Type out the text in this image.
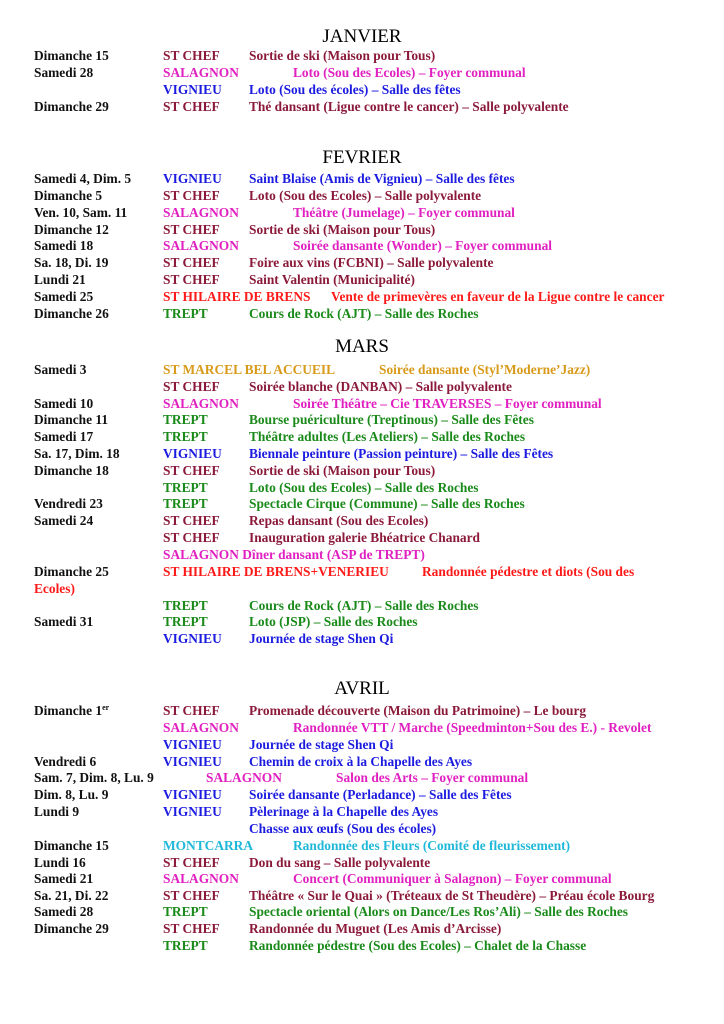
JANVIER
FEVRIER
MARS
AVRIL
Dimanche 15	ST CHEF Sortie de ski (Maison pour Tous)
Samedi 28	SALAGNON	Loto (Sou des Ecoles) – Foyer communal
VIGNIEU Loto (Sou des écoles) – Salle des fêtes
Dimanche 29	ST CHEF Thé dansant (Ligue contre le cancer) – Salle polyvalente
Samedi 4, Dim. 5 VIGNIEU Saint Blaise (Amis de Vignieu) – Salle des fêtes
Dimanche 5	ST CHEF Loto (Sou des Ecoles) – Salle polyvalente
Ven. 10, Sam. 11	SALAGNON	Théâtre (Jumelage) – Foyer communal
Dimanche 12	ST CHEF Sortie de ski (Maison pour Tous)
Samedi 18	SALAGNON	Soirée dansante (Wonder) – Foyer communal
Sa. 18, Di. 19	ST CHEF Foire aux vins (FCBNI) – Salle polyvalente
Lundi 21	ST CHEF Saint Valentin (Municipalité)
Samedi 25	ST HILAIRE DE BRENS Vente de primevères en faveur de la Ligue contre le cancer
Dimanche 26	TREPT	Cours de Rock (AJT) – Salle des Roches
Samedi 3	ST MARCEL BEL ACCUEIL	Soirée dansante (Styl’Moderne’Jazz)
ST CHEF Soirée blanche (DANBAN) – Salle polyvalente
Samedi 10	SALAGNON	Soirée Théâtre – Cie TRAVERSES – Foyer communal
Dimanche 11	TREPT	Bourse puériculture (Treptinous) – Salle des Fêtes
Samedi 17	TREPT	Théâtre adultes (Les Ateliers) – Salle des Roches
Sa. 17, Dim. 18	VIGNIEU Biennale peinture (Passion peinture) – Salle des Fêtes
Dimanche 18	ST CHEF Sortie de ski (Maison pour Tous)
TREPT	Loto (Sou des Ecoles) – Salle des Roches
Vendredi 23	TREPT	Spectacle Cirque (Commune) – Salle des Roches
Samedi 24	ST CHEF Repas dansant (Sou des Ecoles)
ST CHEF Inauguration galerie Bhéatrice Chanard
SALAGNON Dîner dansant (ASP de TREPT)
Dimanche 25	ST HILAIRE DE BRENS+VENERIEU Randonnée pédestre et diots (Sou des
Ecoles)
TREPT	Cours de Rock (AJT) – Salle des Roches
Samedi 31	TREPT	Loto (JSP) – Salle des Roches
VIGNIEU Journée de stage Shen Qi
Dimanche 1er	ST CHEF Promenade découverte (Maison du Patrimoine) – Le bourg
SALAGNON	Randonnée VTT / Marche (Speedminton+Sou des E.) - Revolet
VIGNIEU Journée de stage Shen Qi
Vendredi 6	VIGNIEU Chemin de croix à la Chapelle des Ayes
Sam. 7, Dim. 8, Lu. 9	SALAGNON	Salon des Arts – Foyer communal
Dim. 8, Lu. 9	VIGNIEU Soirée dansante (Perladance) – Salle des Fêtes
Lundi 9	VIGNIEU Pèlerinage à la Chapelle des Ayes
Chasse aux œufs (Sou des écoles)
Dimanche 15	MONTCARRA	Randonnée des Fleurs (Comité de fleurissement)
Lundi 16	ST CHEF Don du sang – Salle polyvalente
Samedi 21	SALAGNON	Concert (Communiquer à Salagnon) – Foyer communal
Sa. 21, Di. 22	ST CHEF Théâtre « Sur le Quai » (Tréteaux de St Theudère) – Préau école Bourg
Samedi 28	TREPT	Spectacle oriental (Alors on Dance/Les Ros’Ali) – Salle des Roches
Dimanche 29	ST CHEF Randonnée du Muguet (Les Amis d’Arcisse)
TREPT	Randonnée pédestre (Sou des Ecoles) – Chalet de la Chasse
